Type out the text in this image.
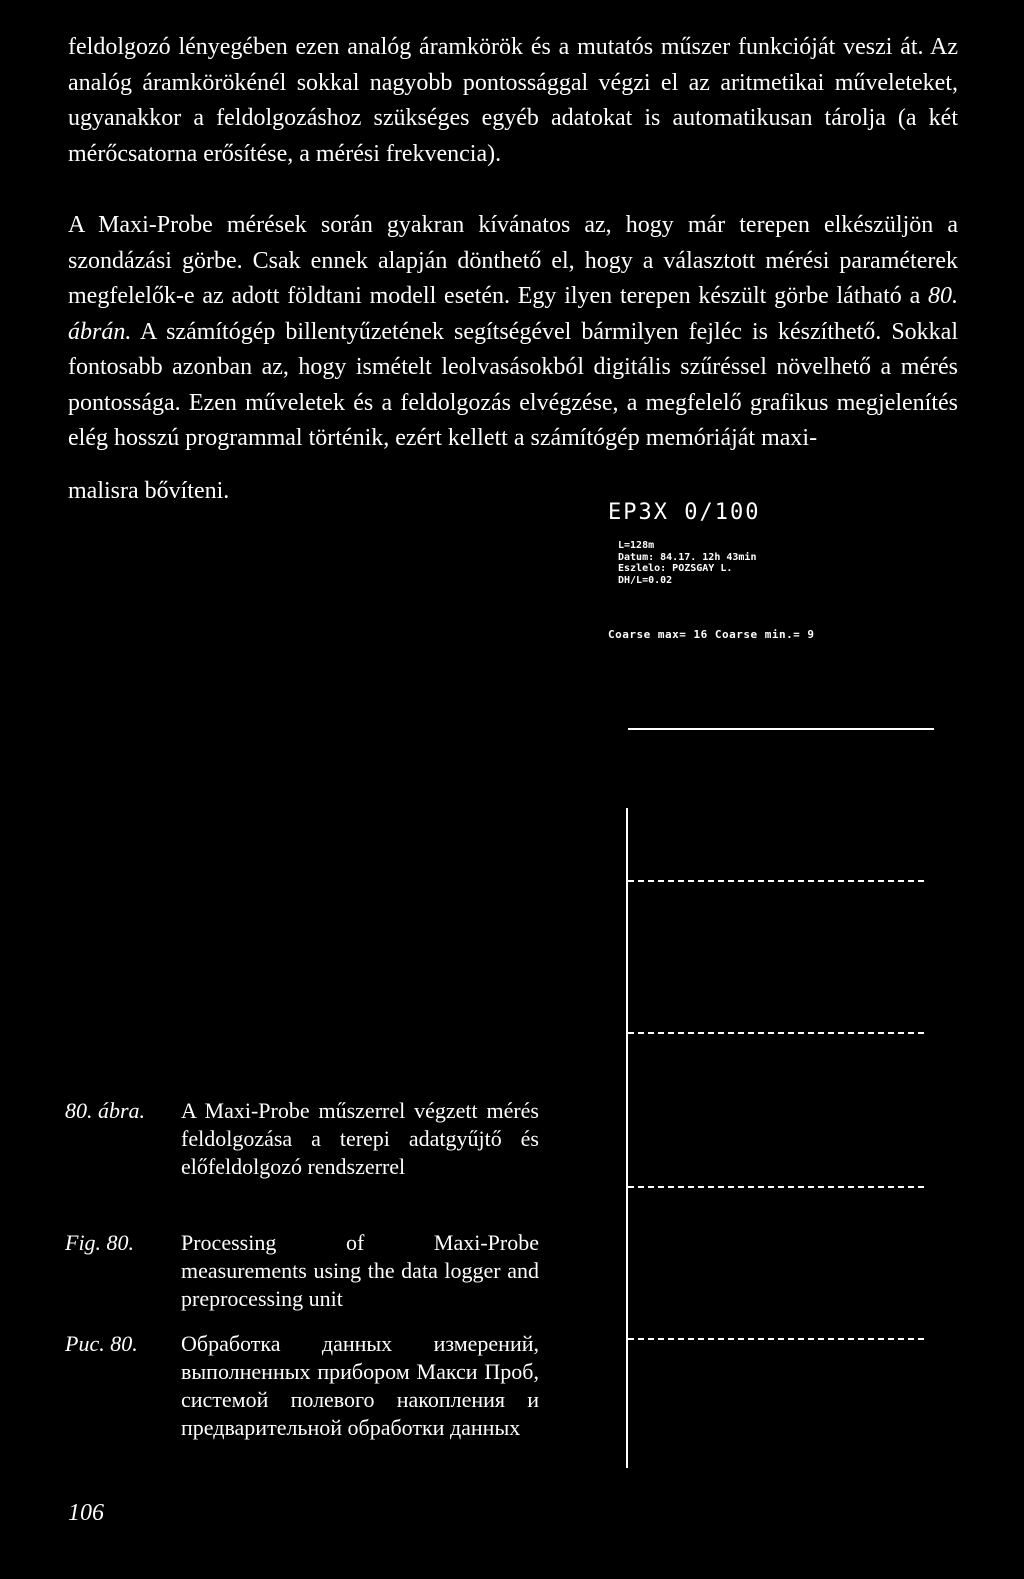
feldolgozó lényegében ezen analóg áramkörök és a mutatós műszer funkcióját veszi át. Az analóg áramkörökénél sokkal nagyobb pontossággal végzi el az aritmetikai műveleteket, ugyanakkor a feldolgozáshoz szükséges egyéb adatokat is automatikusan tárolja (a két mérőcsatorna erősítése, a mérési frekvencia).

A Maxi-Probe mérések során gyakran kívánatos az, hogy már terepen elkészüljön a szondázási görbe. Csak ennek alapján dönthető el, hogy a választott mérési paraméterek megfelelők-e az adott földtani modell esetén. Egy ilyen terepen készült görbe látható a 80. ábrán. A számítógép billentyűzetének segítségével bármilyen fejléc is készíthető. Sokkal fontosabb azonban az, hogy ismételt leolvasásokból digitális szűréssel növelhető a mérés pontossága. Ezen műveletek és a feldolgozás elvégzése, a megfelelő grafikus megjelenítés elég hosszú programmal történik, ezért kellett a számítógép memóriáját maxi-

malisra bővíteni.
EP3X 0/100
L=128m
Datum: 84.17. 12h 43min
Eszlelo: POZSGAY L.
DH/L=0.02
Coarse max= 16 Coarse min.= 9
80. ábra.	A Maxi-Probe műszerrel végzett mérés feldolgozása a terepi adatgyűjtő és előfeldolgozó rendszerrel
Fig. 80.	Processing of Maxi-Probe measurements using the data logger and preprocessing unit
Рис. 80.	Обработка данных измерений, выполненных прибором Макси Проб, системой полевого накопления и предварительной обработки данных
106
